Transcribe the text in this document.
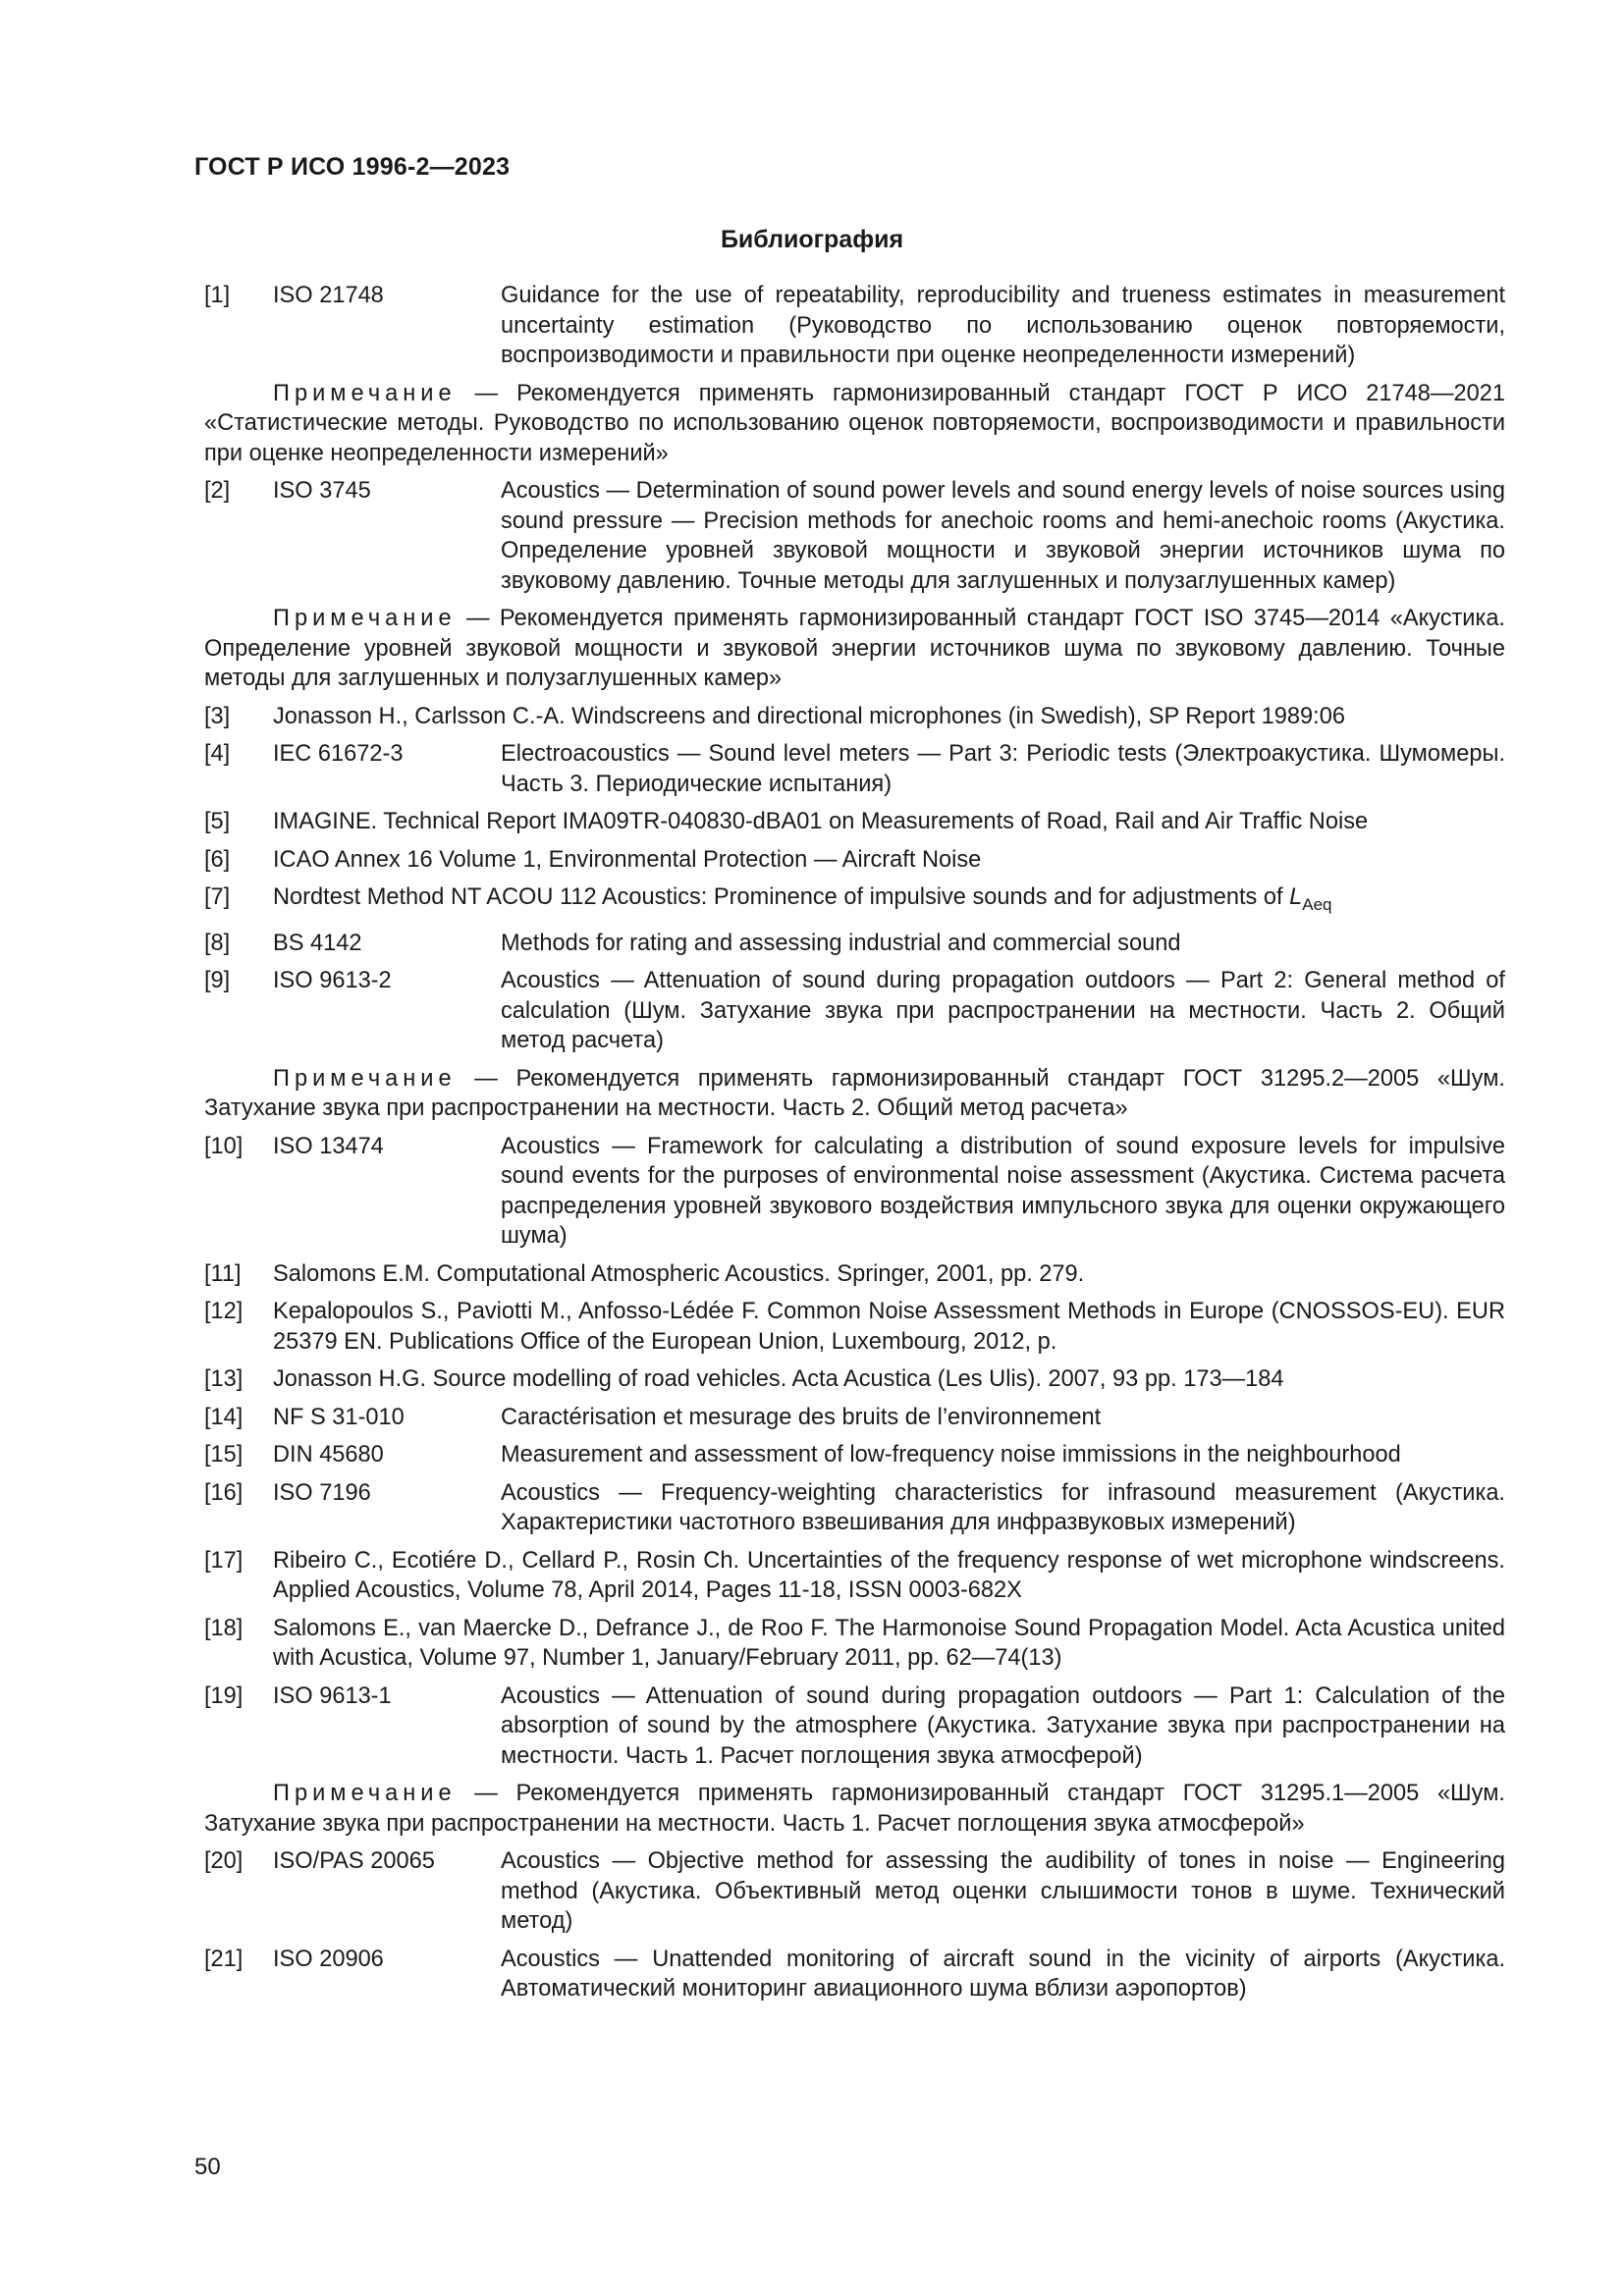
ГОСТ Р ИСО 1996-2—2023
Библиография
[1]	ISO 21748	Guidance for the use of repeatability, reproducibility and trueness estimates in measurement uncertainty estimation (Руководство по использованию оценок повторяемости, воспроизводимости и правильности при оценке неопределенности измерений)
Примечание — Рекомендуется применять гармонизированный стандарт ГОСТ Р ИСО 21748—2021 «Статистические методы. Руководство по использованию оценок повторяемости, воспроизводимости и правильности при оценке неопределенности измерений»
[2]	ISO 3745	Acoustics — Determination of sound power levels and sound energy levels of noise sources using sound pressure — Precision methods for anechoic rooms and hemi-anechoic rooms (Акустика. Определение уровней звуковой мощности и звуковой энергии источников шума по звуковому давлению. Точные методы для заглушенных и полузаглушенных камер)
Примечание — Рекомендуется применять гармонизированный стандарт ГОСТ ISO 3745—2014 «Акустика. Определение уровней звуковой мощности и звуковой энергии источников шума по звуковому давлению. Точные методы для заглушенных и полузаглушенных камер»
[3]	Jonasson H., Carlsson C.-A. Windscreens and directional microphones (in Swedish), SP Report 1989:06
[4]	IEC 61672-3	Electroacoustics — Sound level meters — Part 3: Periodic tests (Электроакустика. Шумомеры. Часть 3. Периодические испытания)
[5]	IMAGINE. Technical Report IMA09TR-040830-dBA01 on Measurements of Road, Rail and Air Traffic Noise
[6]	ICAO Annex 16 Volume 1, Environmental Protection — Aircraft Noise
[7]	Nordtest Method NT ACOU 112 Acoustics: Prominence of impulsive sounds and for adjustments of $L_{Aeq}$
[8]	BS 4142	Methods for rating and assessing industrial and commercial sound
[9]	ISO 9613-2	Acoustics — Attenuation of sound during propagation outdoors — Part 2: General method of calculation (Шум. Затухание звука при распространении на местности. Часть 2. Общий метод расчета)
Примечание — Рекомендуется применять гармонизированный стандарт ГОСТ 31295.2—2005 «Шум. Затухание звука при распространении на местности. Часть 2. Общий метод расчета»
[10]	ISO 13474	Acoustics — Framework for calculating a distribution of sound exposure levels for impulsive sound events for the purposes of environmental noise assessment (Акустика. Система расчета распределения уровней звукового воздействия импульсного звука для оценки окружающего шума)
[11]	Salomons E.M. Computational Atmospheric Acoustics. Springer, 2001, pp. 279.
[12]	Kepalopoulos S., Paviotti M., Anfosso-Lédée F. Common Noise Assessment Methods in Europe (CNOSSOS-EU). EUR 25379 EN. Publications Office of the European Union, Luxembourg, 2012, p.
[13]	Jonasson H.G. Source modelling of road vehicles. Acta Acustica (Les Ulis). 2007, 93 pp. 173—184
[14]	NF S 31-010	Caractérisation et mesurage des bruits de l’environnement
[15]	DIN 45680	Measurement and assessment of low-frequency noise immissions in the neighbourhood
[16]	ISO 7196	Acoustics — Frequency-weighting characteristics for infrasound measurement (Акустика. Характеристики частотного взвешивания для инфразвуковых измерений)
[17]	Ribeiro C., Ecotiére D., Cellard P., Rosin Ch. Uncertainties of the frequency response of wet microphone windscreens. Applied Acoustics, Volume 78, April 2014, Pages 11-18, ISSN 0003-682X
[18]	Salomons E., van Maercke D., Defrance J., de Roo F. The Harmonoise Sound Propagation Model. Acta Acustica united with Acustica, Volume 97, Number 1, January/February 2011, pp. 62—74(13)
[19]	ISO 9613-1	Acoustics — Attenuation of sound during propagation outdoors — Part 1: Calculation of the absorption of sound by the atmosphere (Акустика. Затухание звука при распространении на местности. Часть 1. Расчет поглощения звука атмосферой)
Примечание — Рекомендуется применять гармонизированный стандарт ГОСТ 31295.1—2005 «Шум. Затухание звука при распространении на местности. Часть 1. Расчет поглощения звука атмосферой»
[20]	ISO/PAS 20065	Acoustics — Objective method for assessing the audibility of tones in noise — Engineering method (Акустика. Объективный метод оценки слышимости тонов в шуме. Технический метод)
[21]	ISO 20906	Acoustics — Unattended monitoring of aircraft sound in the vicinity of airports (Акустика. Автоматический мониторинг авиационного шума вблизи аэропортов)
50
